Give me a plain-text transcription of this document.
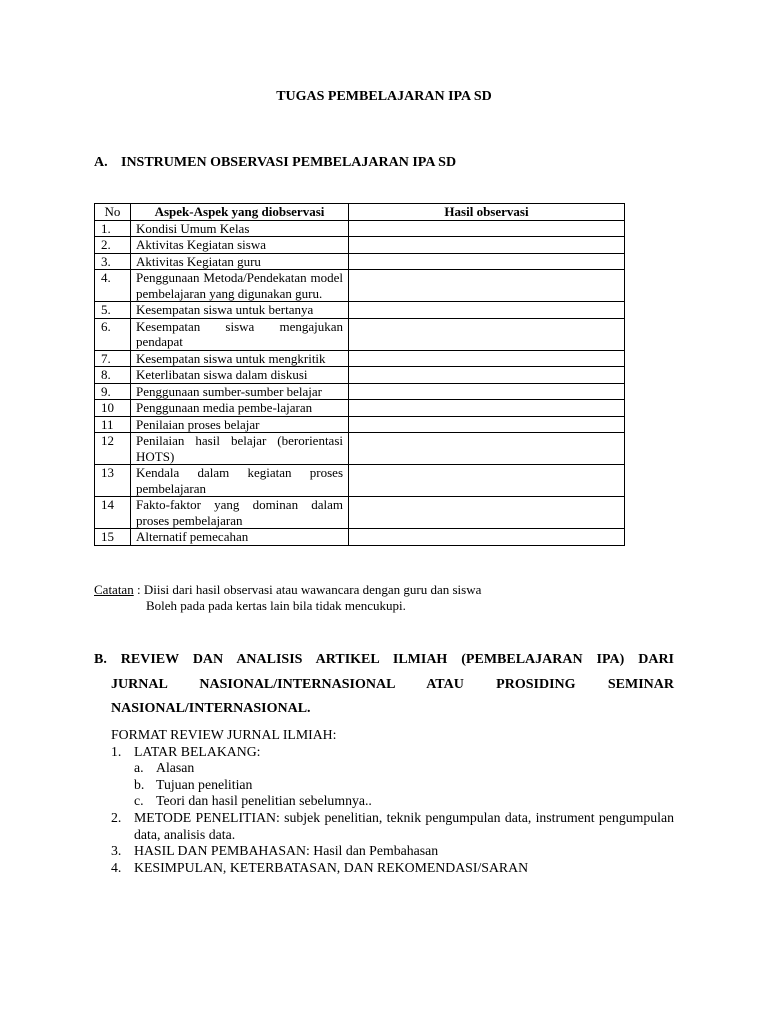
TUGAS PEMBELAJARAN IPA SD
A. INSTRUMEN OBSERVASI PEMBELAJARAN IPA SD
No	Aspek-Aspek yang diobservasi	Hasil observasi
1.	Kondisi Umum Kelas	
2.	Aktivitas Kegiatan siswa	
3.	Aktivitas Kegiatan guru	
4.	Penggunaan Metoda/Pendekatan model pembelajaran yang digunakan guru.	
5.	Kesempatan siswa untuk bertanya	
6.	Kesempatan siswa mengajukan pendapat	
7.	Kesempatan siswa untuk mengkritik	
8.	Keterlibatan siswa dalam diskusi	
9.	Penggunaan sumber-sumber belajar	
10	Penggunaan media pembe-lajaran	
11	Penilaian proses belajar	
12	Penilaian hasil belajar (berorientasi HOTS)	
13	Kendala dalam kegiatan proses pembelajaran	
14	Fakto-faktor yang dominan dalam proses pembelajaran	
15	Alternatif pemecahan	
Catatan : Diisi dari hasil observasi atau wawancara dengan guru dan siswa
Boleh pada pada kertas lain bila tidak mencukupi.
B. REVIEW DAN ANALISIS ARTIKEL ILMIAH (PEMBELAJARAN IPA) DARI
JURNAL NASIONAL/INTERNASIONAL ATAU PROSIDING SEMINAR
NASIONAL/INTERNASIONAL.
FORMAT REVIEW JURNAL ILMIAH:
1. LATAR BELAKANG:
a. Alasan
b. Tujuan penelitian
c. Teori dan hasil penelitian sebelumnya..
2. METODE PENELITIAN: subjek penelitian, teknik pengumpulan data, instrument pengumpulan data, analisis data.
3. HASIL DAN PEMBAHASAN: Hasil dan Pembahasan
4. KESIMPULAN, KETERBATASAN, DAN REKOMENDASI/SARAN
